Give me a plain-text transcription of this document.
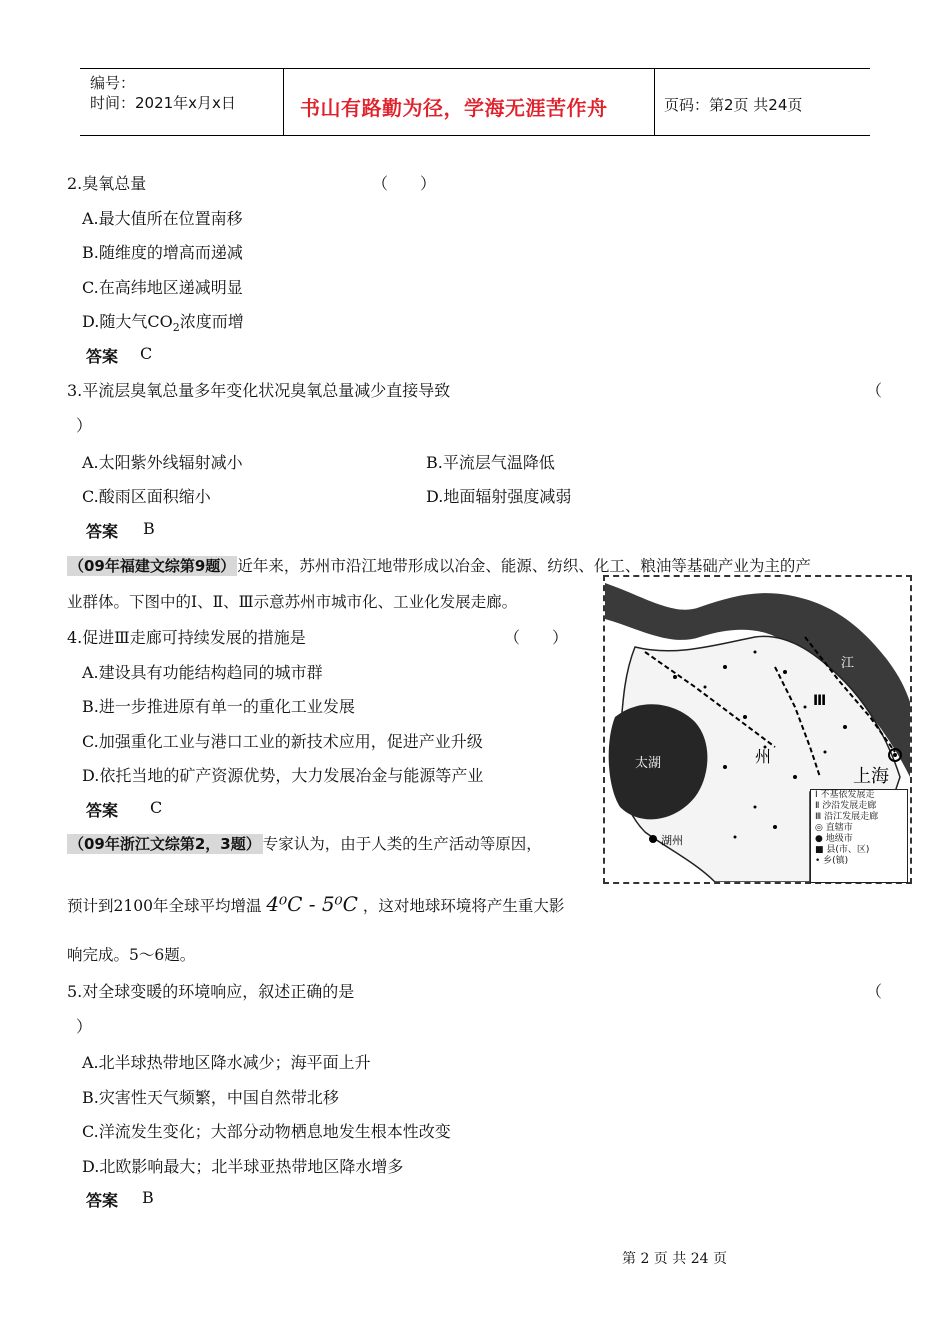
编号：
时间：2021年x月x日	书山有路勤为径，学海无涯苦作舟	页码：第2页 共24页
2.臭氧总量	（　　）
A.最大值所在位置南移
B.随维度的增高而递减
C.在高纬地区递减明显
D.随大气$CO_2$浓度而增
答案 C
3.平流层臭氧总量多年变化状况臭氧总量减少直接导致	（
）
A.太阳紫外线辐射减小	B.平流层气温降低
C.酸雨区面积缩小	D.地面辐射强度减弱
答案 B
（09年福建文综第9题） 近年来，苏州市沿江地带形成以冶金、能源、纺织、化工、粮油等基础产业为主的产
业群体。下图中的Ⅰ、Ⅱ、Ⅲ示意苏州市城市化、工业化发展走廊。
4.促进Ⅲ走廊可持续发展的措施是	（　　）
A.建设具有功能结构趋同的城市群
B.进一步推进原有单一的重化工业发展
C.加强重化工业与港口工业的新技术应用，促进产业升级
D.依托当地的矿产资源优势，大力发展冶金与能源等产业
答案 C
太湖
湖州
江
州
Ⅲ
上海
Ⅰ 不基依发展走
Ⅱ 沙沿发展走廊
Ⅲ 沿江发展走廊
◎ 直辖市
● 地级市
■ 县(市、区)
• 乡(镇)
（09年浙江文综第2，3题） 专家认为，由于人类的生产活动等原因，
预计到2100年全球平均增温 4⁰C - 5⁰C ，这对地球环境将产生重大影
响完成。5～6题。
5.对全球变暖的环境响应，叙述正确的是	（
）
A.北半球热带地区降水减少；海平面上升
B.灾害性天气频繁，中国自然带北移
C.洋流发生变化；大部分动物栖息地发生根本性改变
D.北欧影响最大；北半球亚热带地区降水增多
答案 B
第 2 页 共 24 页
